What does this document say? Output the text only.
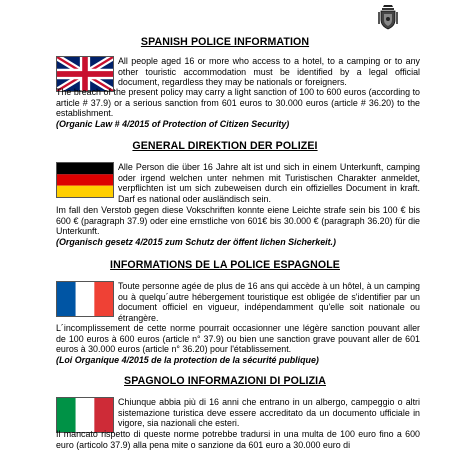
SPANISH POLICE INFORMATION

All people aged 16 or more who access to a hotel, to a camping or to any other touristic accommodation must be identified by a legal official document, regardless they may be nationals or foreigners.

The breach of the present policy may carry a light sanction of 100 to 600 euros (according to article # 37.9) or a serious sanction from 601 euros to 30.000 euros (article # 36.20) to the establishment.

(Organic Law # 4/2015 of Protection of Citizen Security)

GENERAL DIREKTION DER POLIZEI

Alle Person die über 16 Jahre alt ist und sich in einem Unterkunft, camping oder irgend welchen unter nehmen mit Turistischen Charakter anmeldet, verpflichten ist um sich zubeweisen durch ein offizielles Document in kraft. Darf es national oder ausländisch sein.

Im fall den Verstob gegen diese Vokschriften konnte eiene Leichte strafe sein bis 100 € bis 600 € (paragraph 37.9) oder eine ernstliche von 601€ bis 30.000 € (paragraph 36.20) für die Unterkunft.

(Organisch gesetz 4/2015 zum Schutz der öffent lichen Sicherkeit.)

INFORMATIONS DE LA POLICE ESPAGNOLE

Toute personne agée de plus de 16 ans qui accède à un hôtel, à un camping ou à quelqu´autre hébergement touristique est obligée de s'identifier par un document officiel en vigueur, indépendamment qu'elle soit nationale ou étrangère.

L´incomplissement de cette norme pourrait occasionner une légère sanction pouvant aller de 100 euros à 600 euros (article n° 37.9) ou bien une sanction grave pouvant aller de 601 euros à 30.000 euros (article n° 36.20) pour l'établissement.

(Loi Organique 4/2015 de la protection de la sécurité publique)

SPAGNOLO INFORMAZIONI DI POLIZIA

Chiunque abbia più di 16 anni che entrano in un albergo, campeggio o altri sistemazione turistica deve essere accreditato da un documento ufficiale in vigore, sia nazionali che esteri.

Il mancato rispetto di queste norme potrebbe tradursi in una multa de 100 euro fino a 600 euro (articolo 37.9) alla pena mite o sanzione da 601 euro a 30.000 euro di
